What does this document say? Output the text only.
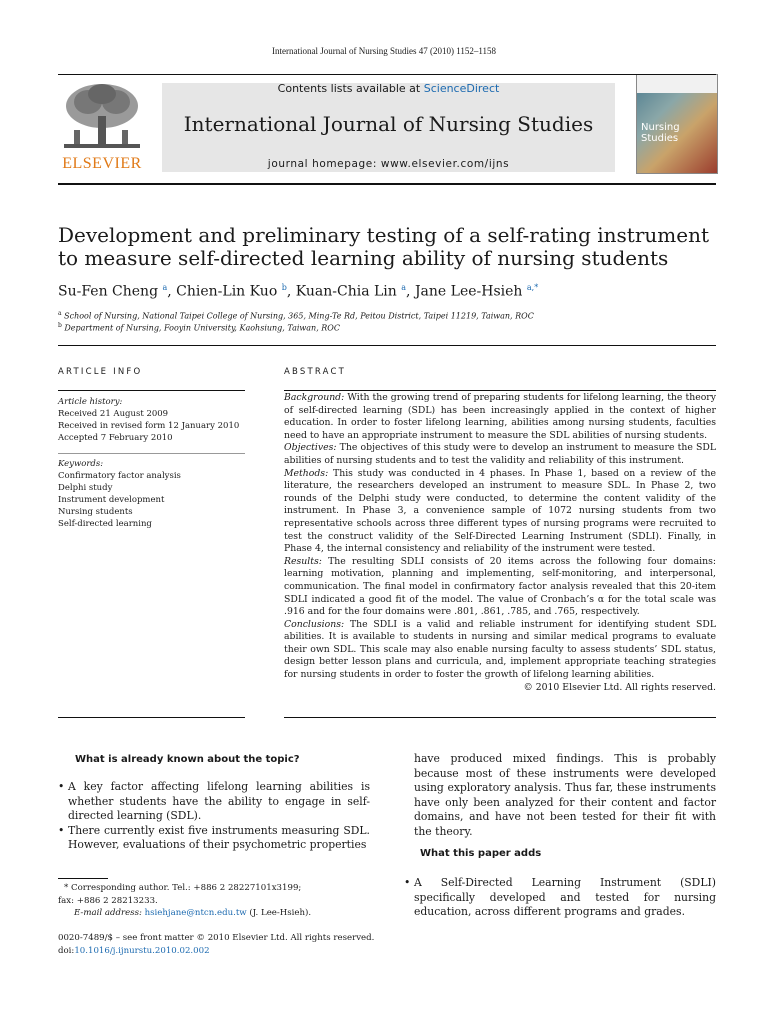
International Journal of Nursing Studies 47 (2010) 1152–1158
ELSEVIER
Contents lists available at ScienceDirect
International Journal of Nursing Studies
journal homepage: www.elsevier.com/ijns
Nursing Studies
Development and preliminary testing of a self-rating instrument to measure self-directed learning ability of nursing students
Su-Fen Cheng $^a$, Chien-Lin Kuo $^b$, Kuan-Chia Lin $^a$, Jane Lee-Hsieh $^{a,*}$
$^a$ School of Nursing, National Taipei College of Nursing, 365, Ming-Te Rd, Peitou District, Taipei 11219, Taiwan, ROC
$^b$ Department of Nursing, Fooyin University, Kaohsiung, Taiwan, ROC
ARTICLE INFO
Article history:
Received 21 August 2009
Received in revised form 12 January 2010
Accepted 7 February 2010
Keywords:
Confirmatory factor analysis
Delphi study
Instrument development
Nursing students
Self-directed learning
ABSTRACT

Background: With the growing trend of preparing students for lifelong learning, the theory of self-directed learning (SDL) has been increasingly applied in the context of higher education. In order to foster lifelong learning, abilities among nursing students, faculties need to have an appropriate instrument to measure the SDL abilities of nursing students.

Objectives: The objectives of this study were to develop an instrument to measure the SDL abilities of nursing students and to test the validity and reliability of this instrument.

Methods: This study was conducted in 4 phases. In Phase 1, based on a review of the literature, the researchers developed an instrument to measure SDL. In Phase 2, two rounds of the Delphi study were conducted, to determine the content validity of the instrument. In Phase 3, a convenience sample of 1072 nursing students from two representative schools across three different types of nursing programs were recruited to test the construct validity of the Self-Directed Learning Instrument (SDLI). Finally, in Phase 4, the internal consistency and reliability of the instrument were tested.

Results: The resulting SDLI consists of 20 items across the following four domains: learning motivation, planning and implementing, self-monitoring, and interpersonal, communication. The final model in confirmatory factor analysis revealed that this 20-item SDLI indicated a good fit of the model. The value of Cronbach’s α for the total scale was .916 and for the four domains were .801, .861, .785, and .765, respectively.

Conclusions: The SDLI is a valid and reliable instrument for identifying student SDL abilities. It is available to students in nursing and similar medical programs to evaluate their own SDL. This scale may also enable nursing faculty to assess students’ SDL status, design better lesson plans and curricula, and, implement appropriate teaching strategies for nursing students in order to foster the growth of lifelong learning abilities.

© 2010 Elsevier Ltd. All rights reserved.

What is already known about the topic?

• A key factor affecting lifelong learning abilities is whether students have the ability to engage in self-directed learning (SDL).

• There currently exist five instruments measuring SDL. However, evaluations of their psychometric properties

have produced mixed findings. This is probably because most of these instruments were developed using exploratory analysis. Thus far, these instruments have only been analyzed for their content and factor domains, and have not been tested for their fit with the theory.
What this paper adds

• A Self-Directed Learning Instrument (SDLI) specifically developed and tested for nursing education, across different programs and grades.

* Corresponding author. Tel.: +886 2 28227101x3199;
fax: +886 2 28213233.
E-mail address: hsiehjane@ntcn.edu.tw (J. Lee-Hsieh).
0020-7489/$ – see front matter © 2010 Elsevier Ltd. All rights reserved.
doi:10.1016/j.ijnurstu.2010.02.002
